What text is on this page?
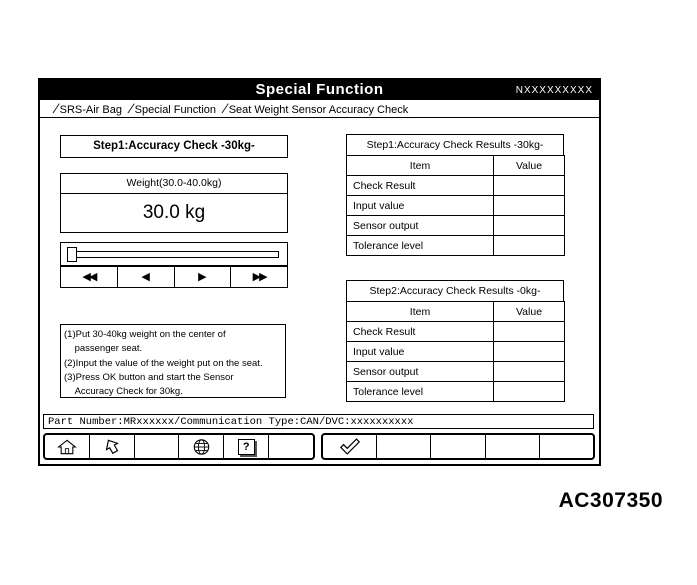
Special Function	NXXXXXXXXX
/SRS-Air Bag /Special Function /Seat Weight Sensor Accuracy Check
Step1:Accuracy Check -30kg-
Weight(30.0-40.0kg)
30.0 kg
◀◀	◀	▶	▶▶
(1)Put 30-40kg weight on the center of
passenger seat.
(2)Input the value of the weight put on the seat.
(3)Press OK button and start the Sensor
Accuracy Check for 30kg.
Step1:Accuracy Check Results -30kg-
Item	Value
Check Result	
Input value	
Sensor output	
Tolerance level	
Step2:Accuracy Check Results -0kg-
Item	Value
Check Result	
Input value	
Sensor output	
Tolerance level	
Part Number:MRxxxxxx/Communication Type:CAN/DVC:xxxxxxxxxx
?
AC307350
